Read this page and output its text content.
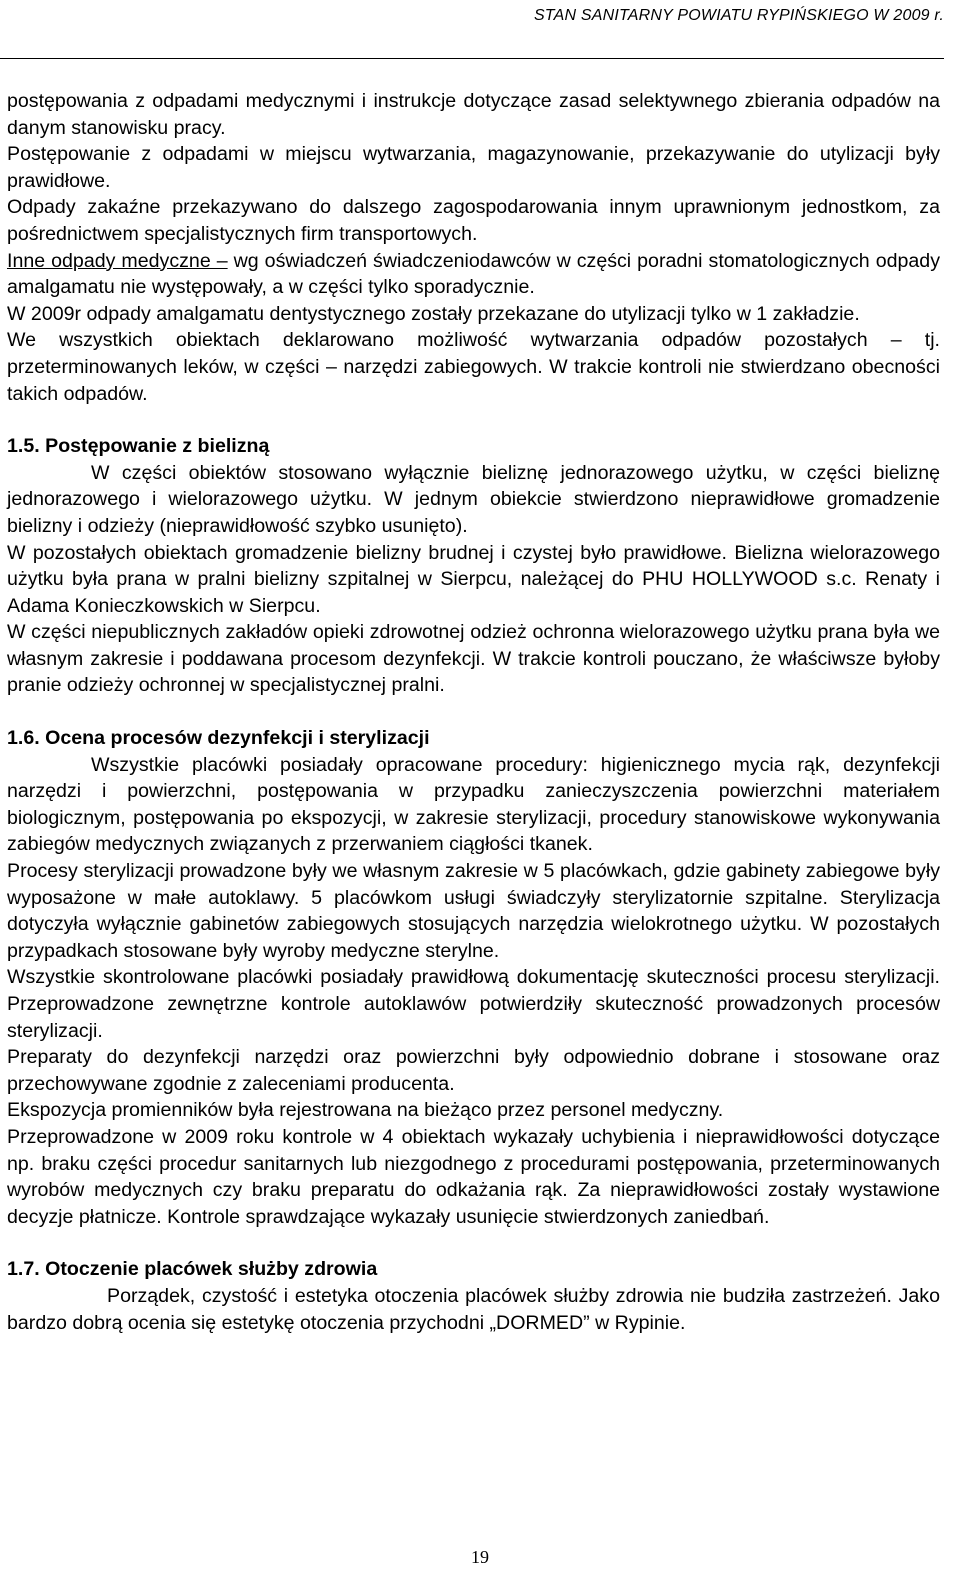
STAN SANITARNY POWIATU RYPIŃSKIEGO W 2009 r.

postępowania z odpadami medycznymi i instrukcje dotyczące zasad selektywnego zbierania odpadów na danym stanowisku pracy.

Postępowanie z odpadami w miejscu wytwarzania, magazynowanie, przekazywanie do utylizacji były prawidłowe.

Odpady zakaźne przekazywano do dalszego zagospodarowania innym uprawnionym jednostkom, za pośrednictwem specjalistycznych firm transportowych.

Inne odpady medyczne – wg oświadczeń świadczeniodawców w części poradni stomatologicznych odpady amalgamatu nie występowały, a w części tylko sporadycznie.

W 2009r odpady amalgamatu dentystycznego zostały przekazane do utylizacji tylko w 1 zakładzie.

We wszystkich obiektach deklarowano możliwość wytwarzania odpadów pozostałych – tj. przeterminowanych leków, w części – narzędzi zabiegowych. W trakcie kontroli nie stwierdzano obecności takich odpadów.

1.5. Postępowanie z bielizną

W części obiektów stosowano wyłącznie bieliznę jednorazowego użytku, w części bieliznę jednorazowego i wielorazowego użytku. W jednym obiekcie stwierdzono nieprawidłowe gromadzenie bielizny i odzieży (nieprawidłowość szybko usunięto).

W pozostałych obiektach gromadzenie bielizny brudnej i czystej było prawidłowe. Bielizna wielorazowego użytku była prana w pralni bielizny szpitalnej w Sierpcu, należącej do PHU HOLLYWOOD s.c. Renaty i Adama Konieczkowskich w Sierpcu.

W części niepublicznych zakładów opieki zdrowotnej odzież ochronna wielorazowego użytku prana była we własnym zakresie i poddawana procesom dezynfekcji. W trakcie kontroli pouczano, że właściwsze byłoby pranie odzieży ochronnej w specjalistycznej pralni.

1.6. Ocena procesów dezynfekcji i sterylizacji

Wszystkie placówki posiadały opracowane procedury: higienicznego mycia rąk, dezynfekcji narzędzi i powierzchni, postępowania w przypadku zanieczyszczenia powierzchni materiałem biologicznym, postępowania po ekspozycji, w zakresie sterylizacji, procedury stanowiskowe wykonywania zabiegów medycznych związanych z przerwaniem ciągłości tkanek.

Procesy sterylizacji prowadzone były we własnym zakresie w 5 placówkach, gdzie gabinety zabiegowe były wyposażone w małe autoklawy. 5 placówkom usługi świadczyły sterylizatornie szpitalne. Sterylizacja dotyczyła wyłącznie gabinetów zabiegowych stosujących narzędzia wielokrotnego użytku. W pozostałych przypadkach stosowane były wyroby medyczne sterylne.

Wszystkie skontrolowane placówki posiadały prawidłową dokumentację skuteczności procesu sterylizacji. Przeprowadzone zewnętrzne kontrole autoklawów potwierdziły skuteczność prowadzonych procesów sterylizacji.

Preparaty do dezynfekcji narzędzi oraz powierzchni były odpowiednio dobrane i stosowane oraz przechowywane zgodnie z zaleceniami producenta.

Ekspozycja promienników była rejestrowana na bieżąco przez personel medyczny.

Przeprowadzone w 2009 roku kontrole w 4 obiektach wykazały uchybienia i nieprawidłowości dotyczące np. braku części procedur sanitarnych lub niezgodnego z procedurami postępowania, przeterminowanych wyrobów medycznych czy braku preparatu do odkażania rąk. Za nieprawidłowości zostały wystawione decyzje płatnicze. Kontrole sprawdzające wykazały usunięcie stwierdzonych zaniedbań.

1.7. Otoczenie placówek służby zdrowia

Porządek, czystość i estetyka otoczenia placówek służby zdrowia nie budziła zastrzeżeń. Jako bardzo dobrą ocenia się estetykę otoczenia przychodni „DORMED” w Rypinie.

19
